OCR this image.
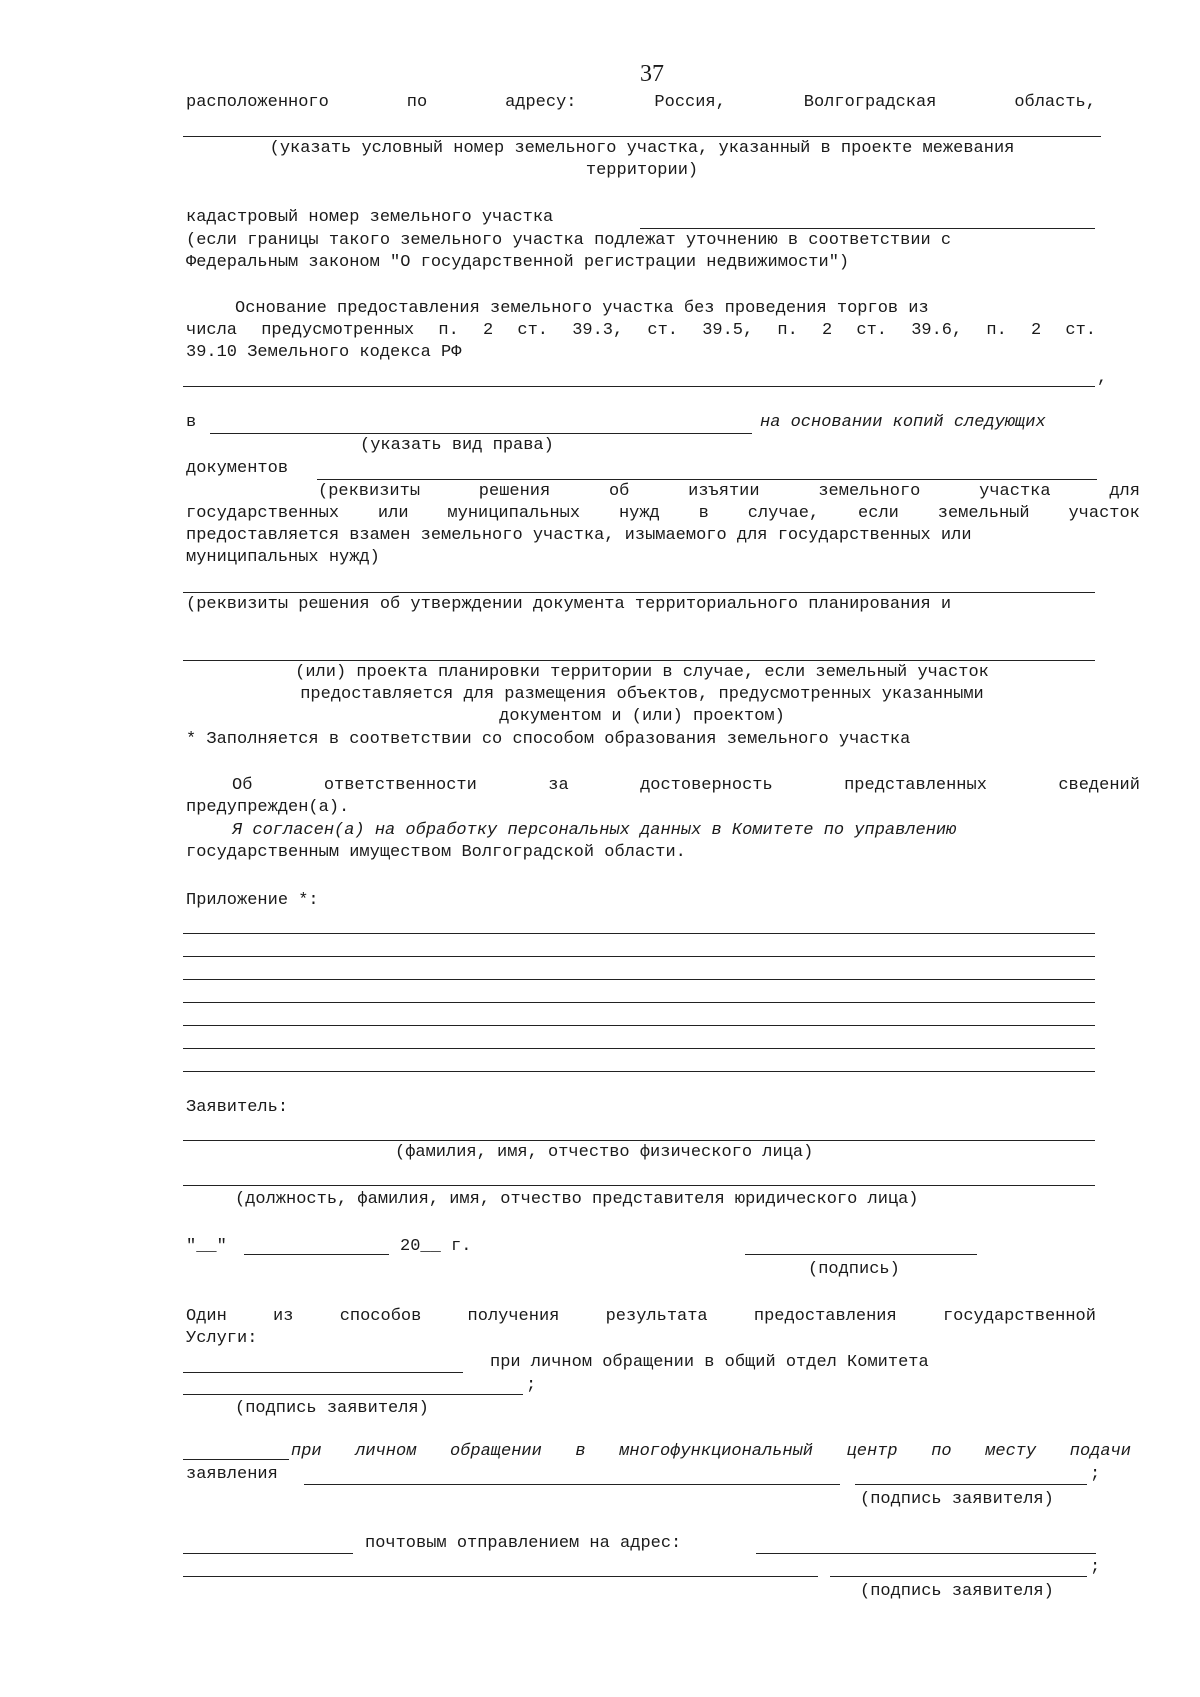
37
расположенного	по	адресу:	Россия,	Волгоградская	область,
(указать условный номер земельного участка, указанный в проекте межевания
территории)
кадастровый номер земельного участка
(если границы такого земельного участка подлежат уточнению в соответствии с
Федеральным законом "О государственной регистрации недвижимости")
Основание предоставления земельного участка без проведения торгов из
числа предусмотренных п. 2 ст. 39.3, ст. 39.5, п. 2 ст. 39.6, п. 2 ст.
39.10 Земельного кодекса РФ
,
в	на основании копий следующих
(указать вид права)
документов
(реквизиты	решения	об	изъятии	земельного	участка	для
государственных или муниципальных нужд в случае, если земельный участок
предоставляется взамен земельного участка, изымаемого для государственных или
муниципальных нужд)
(реквизиты решения об утверждении документа территориального планирования и
(или) проекта планировки территории в случае, если земельный участок
предоставляется для размещения объектов, предусмотренных указанными
документом и (или) проектом)
* Заполняется в соответствии со способом образования земельного участка
Об	ответственности	за	достоверность	представленных	сведений
предупрежден(а).
Я согласен(а) на обработку персональных данных в Комитете по управлению
государственным имуществом Волгоградской области.
Приложение *:
Заявитель:
(фамилия, имя, отчество физического лица)
(должность, фамилия, имя, отчество представителя юридического лица)
"__"	20__ г.
(подпись)
Один	из	способов	получения	результата	предоставления	государственной
Услуги:
при личном обращении в общий отдел Комитета
;
(подпись заявителя)
при личном обращении в многофункциональный центр по месту подачи
заявления	;
(подпись заявителя)
почтовым отправлением на адрес:
;
(подпись заявителя)
